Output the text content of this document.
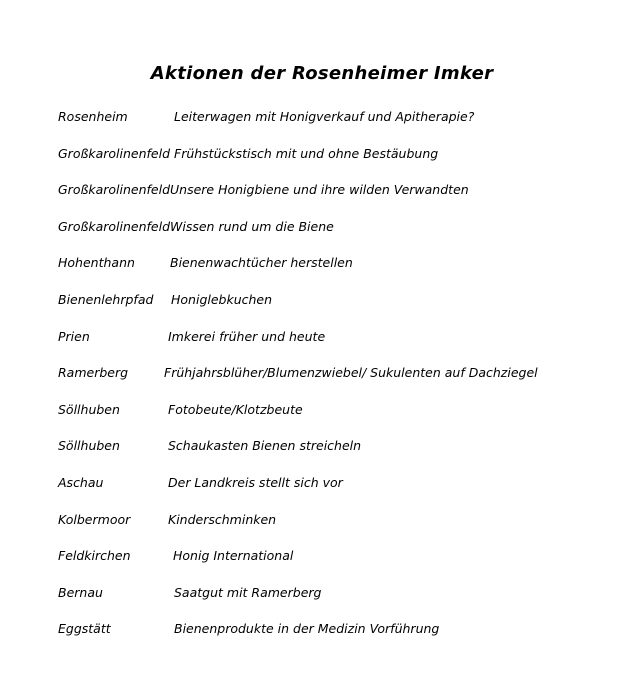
Aktionen der Rosenheimer Imker
Rosenheim	Leiterwagen mit Honigverkauf und Apitherapie?
Großkarolinenfeld Frühstückstisch mit und ohne Bestäubung
Großkarolinenfeld Unsere Honigbiene und ihre wilden Verwandten
Großkarolinenfeld Wissen rund um die Biene
Hohenthann	Bienenwachtücher herstellen
Bienenlehrpfad Honiglebkuchen
Prien	Imkerei früher und heute
Ramerberg	Frühjahrsblüher/Blumenzwiebel/ Sukulenten auf Dachziegel
Söllhuben	Fotobeute/Klotzbeute
Söllhuben	Schaukasten Bienen streicheln
Aschau	Der Landkreis stellt sich vor
Kolbermoor	Kinderschminken
Feldkirchen	Honig International
Bernau	Saatgut mit Ramerberg
Eggstätt	Bienenprodukte in der Medizin Vorführung
